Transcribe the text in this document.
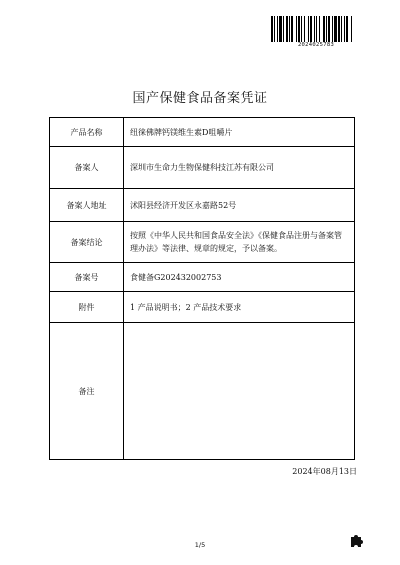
2024025783
国产保健食品备案凭证
产品名称	纽徕佛牌钙镁维生素D咀嚼片
备案人	深圳市生命力生物保健科技江苏有限公司
备案人地址	沭阳县经济开发区永嘉路52号
备案结论	按照《中华人民共和国食品安全法》《保健食品注册与备案管理办法》等法律、规章的规定，予以备案。
备案号	食健备G202432002753
附件	1 产品说明书；2 产品技术要求
备注	
2024年08月13日
1/5
